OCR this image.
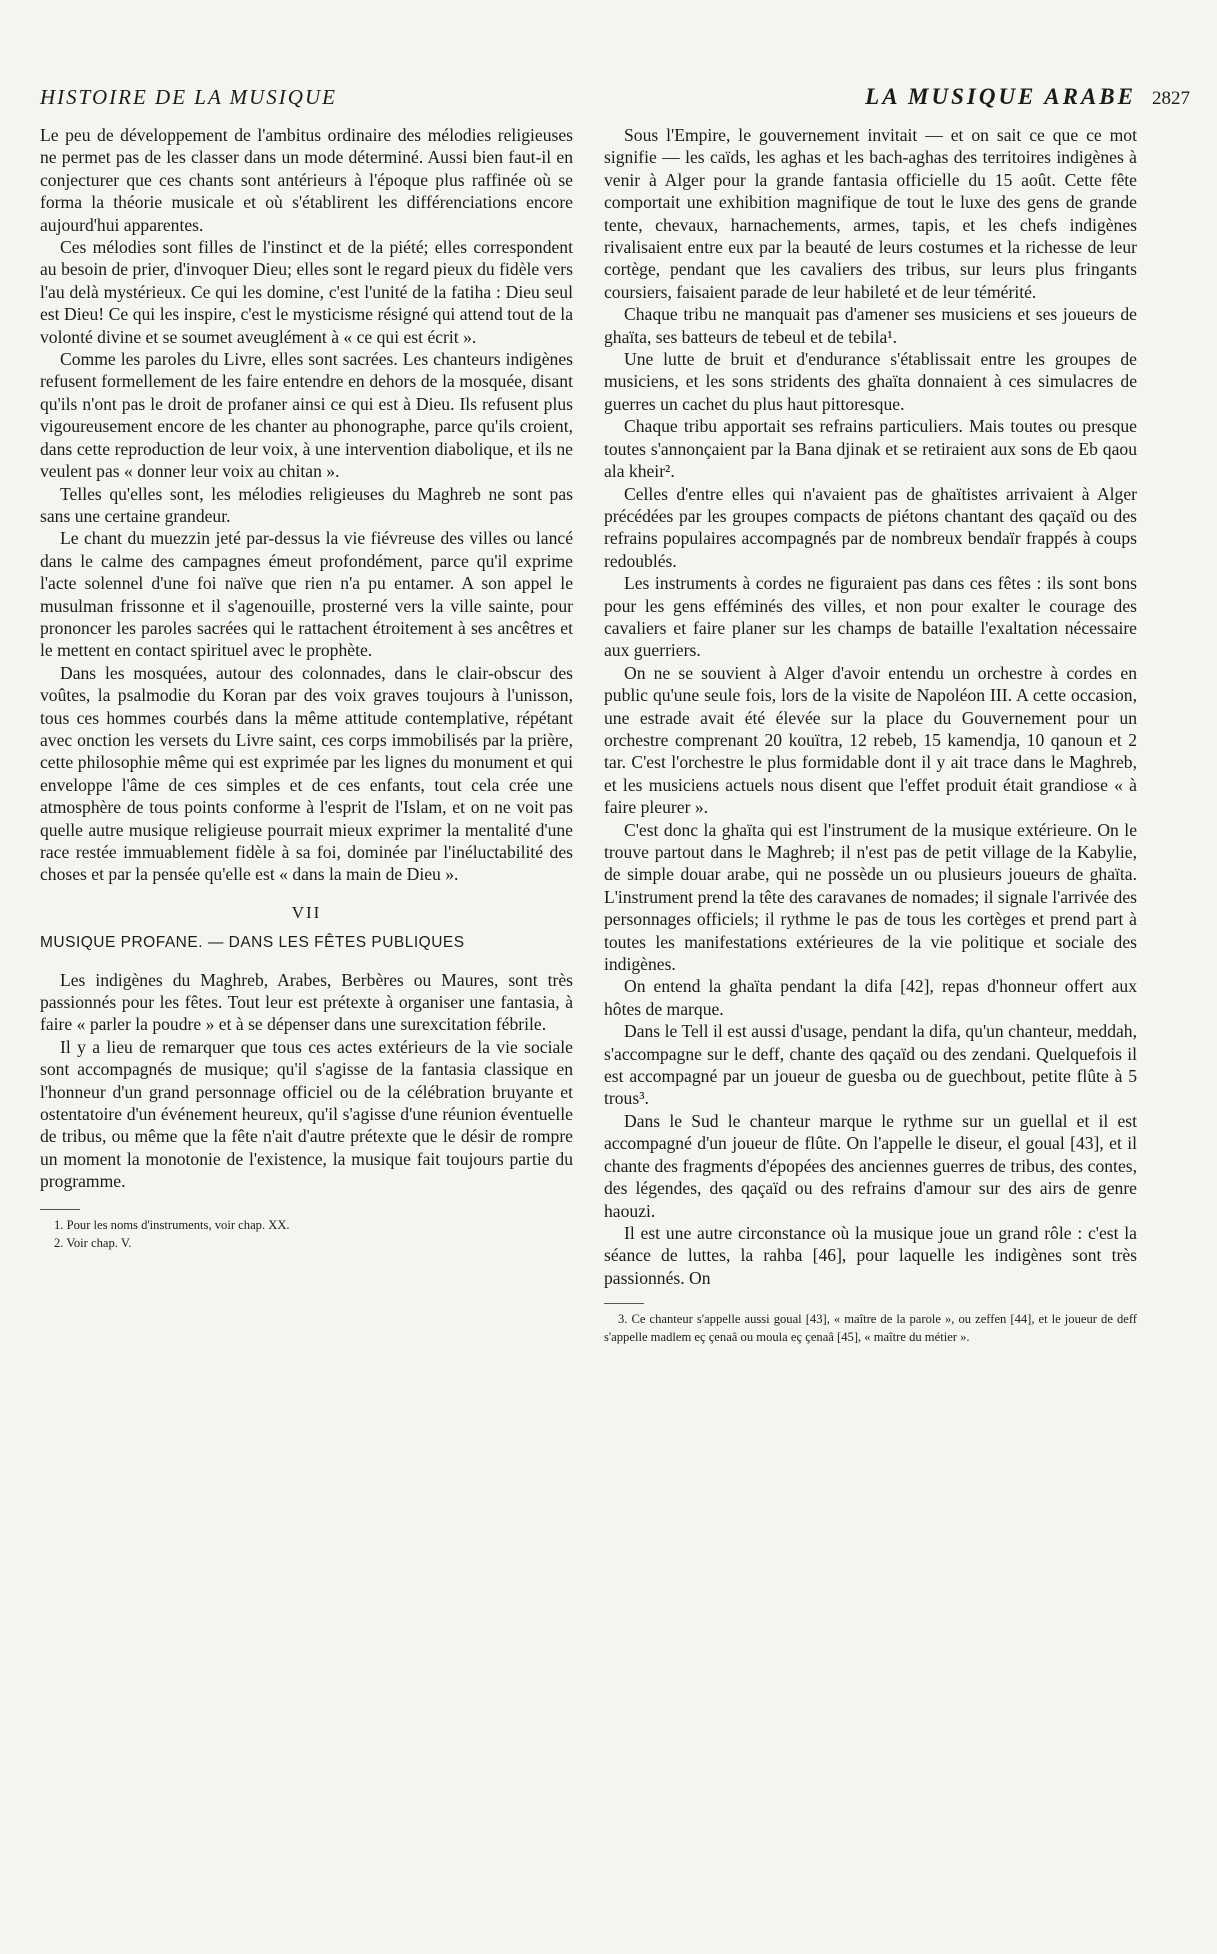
HISTOIRE DE LA MUSIQUE	LA MUSIQUE ARABE 2827

Le peu de développement de l'ambitus ordinaire des mélodies religieuses ne permet pas de les classer dans un mode déterminé. Aussi bien faut-il en conjecturer que ces chants sont antérieurs à l'époque plus raffinée où se forma la théorie musicale et où s'établirent les différenciations encore aujourd'hui apparentes.

Ces mélodies sont filles de l'instinct et de la piété; elles correspondent au besoin de prier, d'invoquer Dieu; elles sont le regard pieux du fidèle vers l'au delà mystérieux. Ce qui les domine, c'est l'unité de la fatiha : Dieu seul est Dieu! Ce qui les inspire, c'est le mysticisme résigné qui attend tout de la volonté divine et se soumet aveuglément à « ce qui est écrit ».

Comme les paroles du Livre, elles sont sacrées. Les chanteurs indigènes refusent formellement de les faire entendre en dehors de la mosquée, disant qu'ils n'ont pas le droit de profaner ainsi ce qui est à Dieu. Ils refusent plus vigoureusement encore de les chanter au phonographe, parce qu'ils croient, dans cette reproduction de leur voix, à une intervention diabolique, et ils ne veulent pas « donner leur voix au chitan ».

Telles qu'elles sont, les mélodies religieuses du Maghreb ne sont pas sans une certaine grandeur.

Le chant du muezzin jeté par-dessus la vie fiévreuse des villes ou lancé dans le calme des campagnes émeut profondément, parce qu'il exprime l'acte solennel d'une foi naïve que rien n'a pu entamer. A son appel le musulman frissonne et il s'agenouille, prosterné vers la ville sainte, pour prononcer les paroles sacrées qui le rattachent étroitement à ses ancêtres et le mettent en contact spirituel avec le prophète.

Dans les mosquées, autour des colonnades, dans le clair-obscur des voûtes, la psalmodie du Koran par des voix graves toujours à l'unisson, tous ces hommes courbés dans la même attitude contemplative, répétant avec onction les versets du Livre saint, ces corps immobilisés par la prière, cette philosophie même qui est exprimée par les lignes du monument et qui enveloppe l'âme de ces simples et de ces enfants, tout cela crée une atmosphère de tous points conforme à l'esprit de l'Islam, et on ne voit pas quelle autre musique religieuse pourrait mieux exprimer la mentalité d'une race restée immuablement fidèle à sa foi, dominée par l'inéluctabilité des choses et par la pensée qu'elle est « dans la main de Dieu ».

VII
MUSIQUE PROFANE. — DANS LES FÊTES PUBLIQUES

Les indigènes du Maghreb, Arabes, Berbères ou Maures, sont très passionnés pour les fêtes. Tout leur est prétexte à organiser une fantasia, à faire « parler la poudre » et à se dépenser dans une surexcitation fébrile.

Il y a lieu de remarquer que tous ces actes extérieurs de la vie sociale sont accompagnés de musique; qu'il s'agisse de la fantasia classique en l'honneur d'un grand personnage officiel ou de la célébration bruyante et ostentatoire d'un événement heureux, qu'il s'agisse d'une réunion éventuelle de tribus, ou même que la fête n'ait d'autre prétexte que le désir de rompre un moment la monotonie de l'existence, la musique fait toujours partie du programme.

1. Pour les noms d'instruments, voir chap. XX.

2. Voir chap. V.

Sous l'Empire, le gouvernement invitait — et on sait ce que ce mot signifie — les caïds, les aghas et les bach-aghas des territoires indigènes à venir à Alger pour la grande fantasia officielle du 15 août. Cette fête comportait une exhibition magnifique de tout le luxe des gens de grande tente, chevaux, harnachements, armes, tapis, et les chefs indigènes rivalisaient entre eux par la beauté de leurs costumes et la richesse de leur cortège, pendant que les cavaliers des tribus, sur leurs plus fringants coursiers, faisaient parade de leur habileté et de leur témérité.

Chaque tribu ne manquait pas d'amener ses musiciens et ses joueurs de ghaïta, ses batteurs de tebeul et de tebila¹.

Une lutte de bruit et d'endurance s'établissait entre les groupes de musiciens, et les sons stridents des ghaïta donnaient à ces simulacres de guerres un cachet du plus haut pittoresque.

Chaque tribu apportait ses refrains particuliers. Mais toutes ou presque toutes s'annonçaient par la Bana djinak et se retiraient aux sons de Eb qaou ala kheir².

Celles d'entre elles qui n'avaient pas de ghaïtistes arrivaient à Alger précédées par les groupes compacts de piétons chantant des qaçaïd ou des refrains populaires accompagnés par de nombreux bendaïr frappés à coups redoublés.

Les instruments à cordes ne figuraient pas dans ces fêtes : ils sont bons pour les gens efféminés des villes, et non pour exalter le courage des cavaliers et faire planer sur les champs de bataille l'exaltation nécessaire aux guerriers.

On ne se souvient à Alger d'avoir entendu un orchestre à cordes en public qu'une seule fois, lors de la visite de Napoléon III. A cette occasion, une estrade avait été élevée sur la place du Gouvernement pour un orchestre comprenant 20 kouïtra, 12 rebeb, 15 kamendja, 10 qanoun et 2 tar. C'est l'orchestre le plus formidable dont il y ait trace dans le Maghreb, et les musiciens actuels nous disent que l'effet produit était grandiose « à faire pleurer ».

C'est donc la ghaïta qui est l'instrument de la musique extérieure. On le trouve partout dans le Maghreb; il n'est pas de petit village de la Kabylie, de simple douar arabe, qui ne possède un ou plusieurs joueurs de ghaïta. L'instrument prend la tête des caravanes de nomades; il signale l'arrivée des personnages officiels; il rythme le pas de tous les cortèges et prend part à toutes les manifestations extérieures de la vie politique et sociale des indigènes.

On entend la ghaïta pendant la difa [42], repas d'honneur offert aux hôtes de marque.

Dans le Tell il est aussi d'usage, pendant la difa, qu'un chanteur, meddah, s'accompagne sur le deff, chante des qaçaïd ou des zendani. Quelquefois il est accompagné par un joueur de guesba ou de guechbout, petite flûte à 5 trous³.

Dans le Sud le chanteur marque le rythme sur un guellal et il est accompagné d'un joueur de flûte. On l'appelle le diseur, el goual [43], et il chante des fragments d'épopées des anciennes guerres de tribus, des contes, des légendes, des qaçaïd ou des refrains d'amour sur des airs de genre haouzi.

Il est une autre circonstance où la musique joue un grand rôle : c'est la séance de luttes, la rahba [46], pour laquelle les indigènes sont très passionnés. On

3. Ce chanteur s'appelle aussi goual [43], « maître de la parole », ou zeffen [44], et le joueur de deff s'appelle madlem eç çenaâ ou moula eç çenaâ [45], « maître du métier ».
